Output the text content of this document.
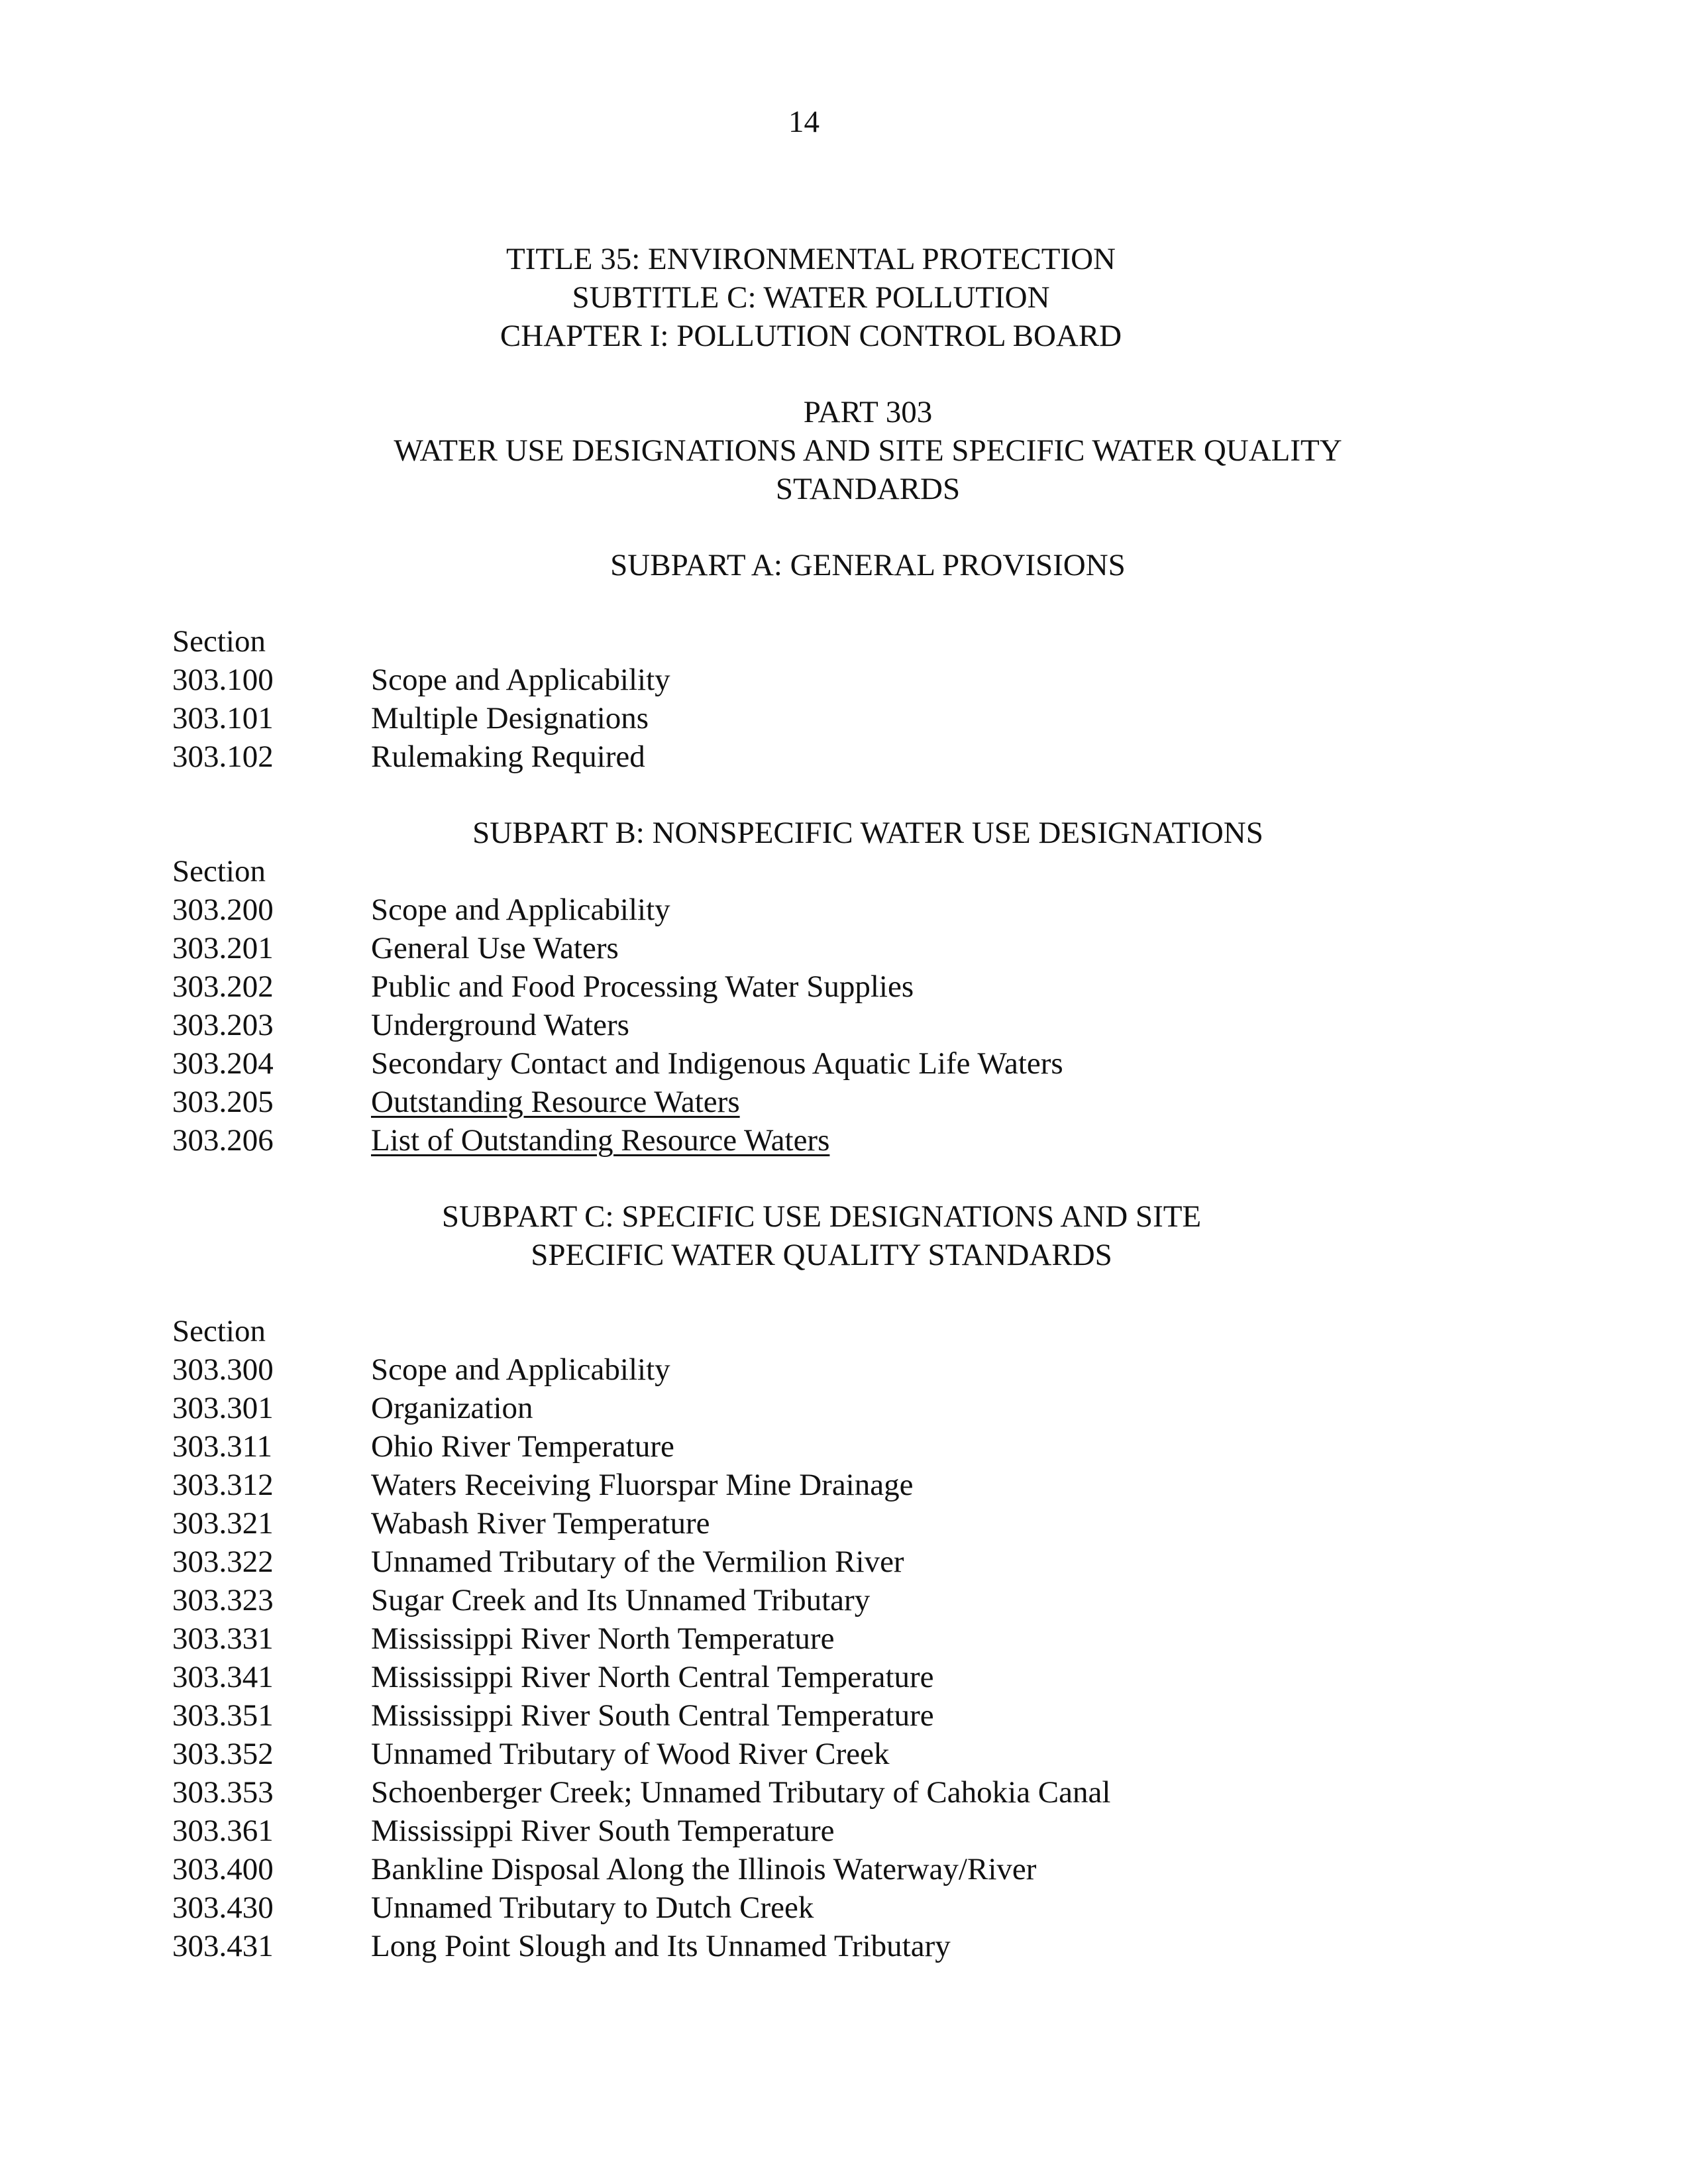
14
TITLE 35: ENVIRONMENTAL PROTECTION
SUBTITLE C: WATER POLLUTION
CHAPTER I: POLLUTION CONTROL BOARD
PART 303
WATER USE DESIGNATIONS AND SITE SPECIFIC WATER QUALITY
STANDARDS
SUBPART A: GENERAL PROVISIONS
Section
303.100	Scope and Applicability
303.101	Multiple Designations
303.102	Rulemaking Required
SUBPART B: NONSPECIFIC WATER USE DESIGNATIONS
Section
303.200	Scope and Applicability
303.201	General Use Waters
303.202	Public and Food Processing Water Supplies
303.203	Underground Waters
303.204	Secondary Contact and Indigenous Aquatic Life Waters
303.205	Outstanding Resource Waters
303.206	List of Outstanding Resource Waters
SUBPART C: SPECIFIC USE DESIGNATIONS AND SITE
SPECIFIC WATER QUALITY STANDARDS
Section
303.300	Scope and Applicability
303.301	Organization
303.311	Ohio River Temperature
303.312	Waters Receiving Fluorspar Mine Drainage
303.321	Wabash River Temperature
303.322	Unnamed Tributary of the Vermilion River
303.323	Sugar Creek and Its Unnamed Tributary
303.331	Mississippi River North Temperature
303.341	Mississippi River North Central Temperature
303.351	Mississippi River South Central Temperature
303.352	Unnamed Tributary of Wood River Creek
303.353	Schoenberger Creek; Unnamed Tributary of Cahokia Canal
303.361	Mississippi River South Temperature
303.400	Bankline Disposal Along the Illinois Waterway/River
303.430	Unnamed Tributary to Dutch Creek
303.431	Long Point Slough and Its Unnamed Tributary
